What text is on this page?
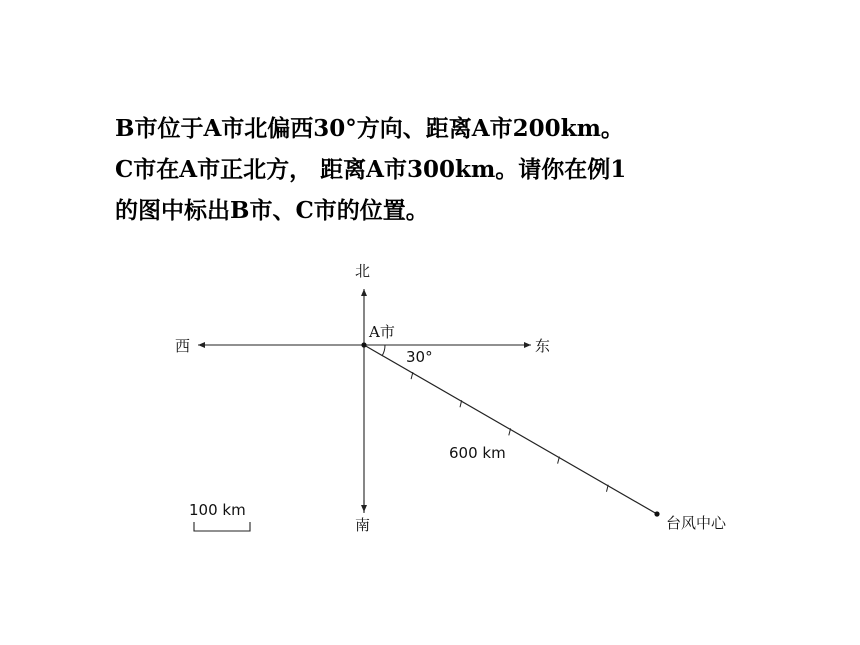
B市位于A市北偏西30°方向、距离A市200km。
C市在A市正北方， 距离A市300km。请你在例1
的图中标出B市、C市的位置。
北
南
西	东
A市
30°
600 km
台风中心
100 km
